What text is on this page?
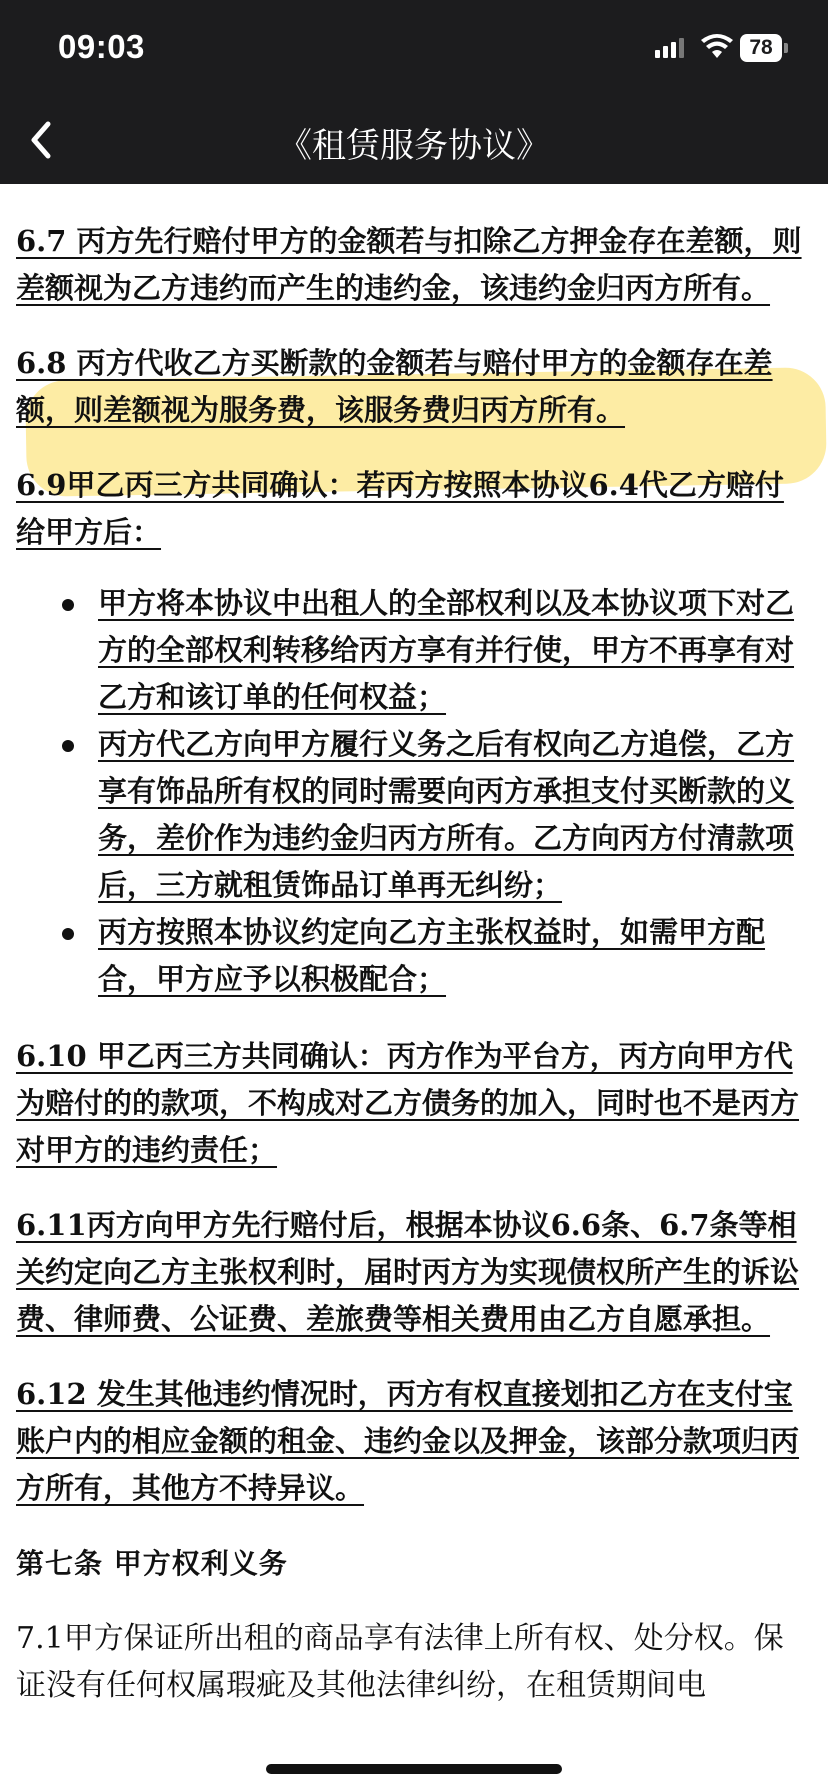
09:03	78
《租赁服务协议》

6.7 丙方先行赔付甲方的金额若与扣除乙方押金存在差额，则差额视为乙方违约而产生的违约金，该违约金归丙方所有。

6.8 丙方代收乙方买断款的金额若与赔付甲方的金额存在差额，则差额视为服务费，该服务费归丙方所有。

6.9甲乙丙三方共同确认：若丙方按照本协议6.4代乙方赔付给甲方后：

甲方将本协议中出租人的全部权利以及本协议项下对乙方的全部权利转移给丙方享有并行使，甲方不再享有对乙方和该订单的任何权益；
丙方代乙方向甲方履行义务之后有权向乙方追偿，乙方享有饰品所有权的同时需要向丙方承担支付买断款的义务，差价作为违约金归丙方所有。乙方向丙方付清款项后，三方就租赁饰品订单再无纠纷；
丙方按照本协议约定向乙方主张权益时，如需甲方配合，甲方应予以积极配合；

6.10 甲乙丙三方共同确认：丙方作为平台方，丙方向甲方代为赔付的的款项，不构成对乙方债务的加入，同时也不是丙方对甲方的违约责任；

6.11丙方向甲方先行赔付后，根据本协议6.6条、6.7条等相关约定向乙方主张权利时，届时丙方为实现债权所产生的诉讼费、律师费、公证费、差旅费等相关费用由乙方自愿承担。

6.12 发生其他违约情况时，丙方有权直接划扣乙方在支付宝账户内的相应金额的租金、违约金以及押金，该部分款项归丙方所有，其他方不持异议。

第七条 甲方权利义务

7.1甲方保证所出租的商品享有法律上所有权、处分权。保证没有任何权属瑕疵及其他法律纠纷，在租赁期间电
